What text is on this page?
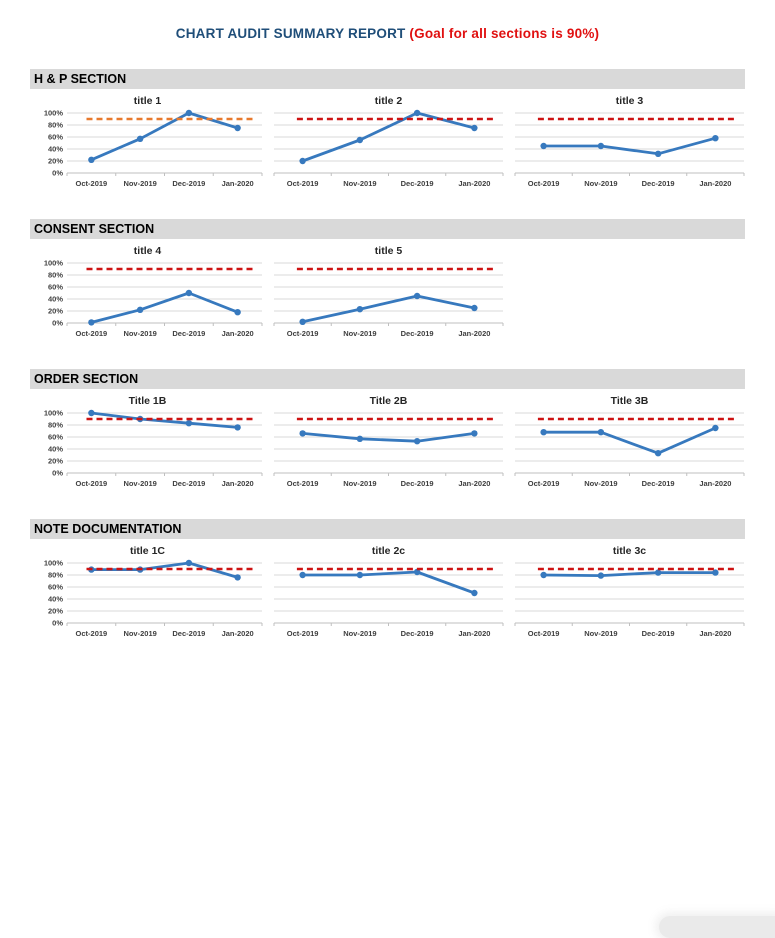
CHART AUDIT SUMMARY REPORT (Goal for all sections is 90%)
H & P SECTION
title 1
0%
20%
40%
60%
80%
100%
Oct-2019 Nov-2019 Dec-2019 Jan-2020
title 2
Oct-2019	Nov-2019	Dec-2019	Jan-2020
title 3
Oct-2019	Nov-2019	Dec-2019	Jan-2020
CONSENT SECTION
title 4
0%
20%
40%
60%
80%
100%
Oct-2019 Nov-2019 Dec-2019 Jan-2020
title 5
Oct-2019	Nov-2019	Dec-2019	Jan-2020
ORDER SECTION
Title 1B
0%
20%
40%
60%
80%
100%
Oct-2019 Nov-2019 Dec-2019 Jan-2020
Title 2B
Oct-2019	Nov-2019	Dec-2019	Jan-2020
Title 3B
Oct-2019	Nov-2019	Dec-2019	Jan-2020
NOTE DOCUMENTATION
title 1C
0%
20%
40%
60%
80%
100%
Oct-2019 Nov-2019 Dec-2019 Jan-2020
title 2c
Oct-2019	Nov-2019	Dec-2019	Jan-2020
title 3c
Oct-2019	Nov-2019	Dec-2019	Jan-2020
